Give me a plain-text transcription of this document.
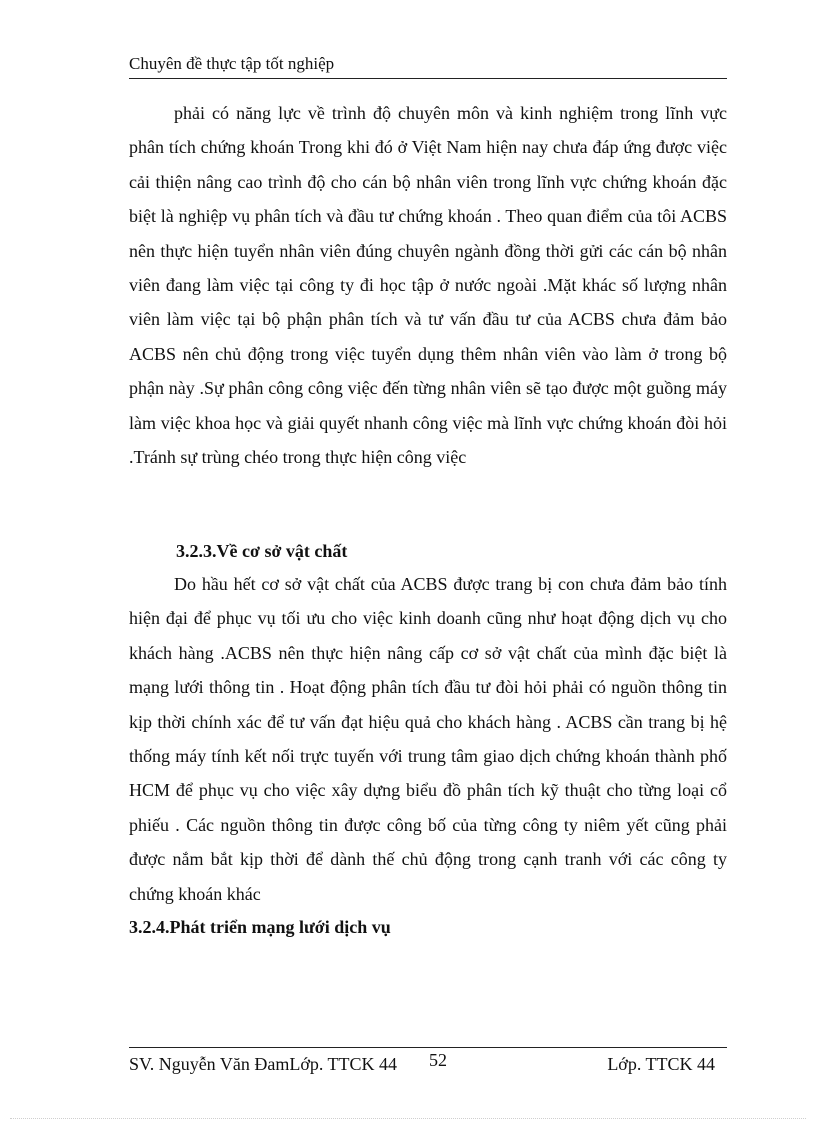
Chuyên đề thực tập tốt nghiệp
phải có năng lực về trình độ chuyên môn và kinh nghiệm trong lĩnh vực phân tích chứng khoán Trong khi đó ở Việt Nam hiện nay chưa đáp ứng được việc cải thiện nâng cao trình độ cho cán bộ nhân viên trong lĩnh vực chứng khoán đặc biệt là nghiệp vụ phân tích và đầu tư chứng khoán . Theo quan điểm của tôi ACBS nên thực hiện tuyển nhân viên đúng chuyên ngành đồng thời gửi các cán bộ nhân viên đang làm việc tại công ty đi học tập ở nước ngoài .Mặt khác số lượng nhân viên làm việc tại bộ phận phân tích và tư vấn đầu tư của ACBS chưa đảm bảo ACBS nên chủ động trong việc tuyển dụng thêm nhân viên vào làm ở trong bộ phận này .Sự phân công công việc đến từng nhân viên sẽ tạo được một guồng máy làm việc khoa học và giải quyết nhanh công việc mà lĩnh vực chứng khoán đòi hỏi .Tránh sự trùng chéo trong thực hiện công việc
3.2.3.Về cơ sở vật chất
Do hầu hết cơ sở vật chất của ACBS được trang bị con chưa đảm bảo tính hiện đại để phục vụ tối ưu cho việc kinh doanh cũng như hoạt động dịch vụ cho khách hàng .ACBS nên thực hiện nâng cấp cơ sở vật chất của mình đặc biệt là mạng lưới thông tin . Hoạt động phân tích đầu tư đòi hỏi phải có nguồn thông tin kịp thời chính xác để tư vấn đạt hiệu quả cho khách hàng . ACBS cần trang bị hệ thống máy tính kết nối trực tuyến với trung tâm giao dịch chứng khoán thành phố HCM để phục vụ cho việc xây dựng biểu đồ phân tích kỹ thuật cho từng loại cổ phiếu . Các nguồn thông tin được công bố của từng công ty niêm yết cũng phải được nắm bắt kịp thời để dành thế chủ động trong cạnh tranh với các công ty chứng khoán khác
3.2.4.Phát triển mạng lưới dịch vụ
SV. Nguyễn Văn ĐamLớp. TTCK 44 52	Lớp. TTCK 44
